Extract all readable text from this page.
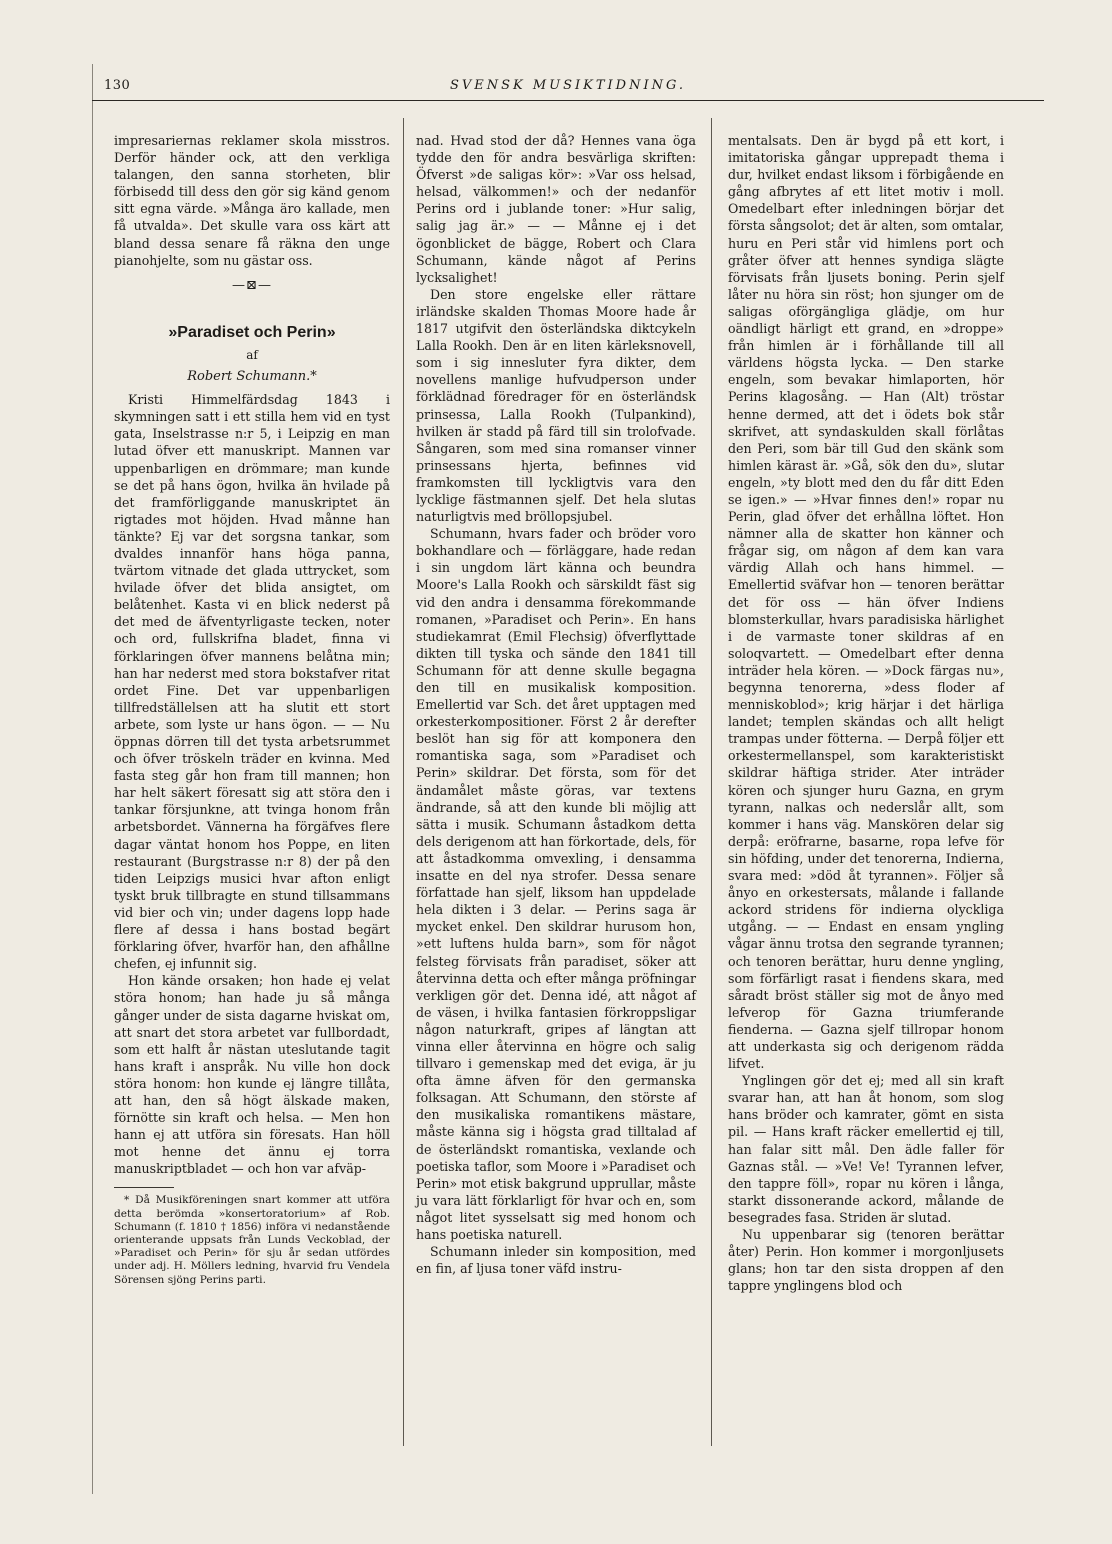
130	SVENSK MUSIKTIDNING.

impresariernas reklamer skola misstros. Derför händer ock, att den verkliga talangen, den sanna storheten, blir förbisedd till dess den gör sig känd genom sitt egna värde. »Många äro kallade, men få utvalda». Det skulle vara oss kärt att bland dessa senare få räkna den unge pianohjelte, som nu gästar oss.

—⊠—
»Paradiset och Perin»
af
Robert Schumann.*

Kristi Himmelfärdsdag 1843 i skymningen satt i ett stilla hem vid en tyst gata, Inselstrasse n:r 5, i Leipzig en man lutad öfver ett manuskript. Mannen var uppenbarligen en drömmare; man kunde se det på hans ögon, hvilka än hvilade på det framförliggande manuskriptet än rigtades mot höjden. Hvad månne han tänkte? Ej var det sorgsna tankar, som dvaldes innanför hans höga panna, tvärtom vitnade det glada uttrycket, som hvilade öfver det blida ansigtet, om belåtenhet. Kasta vi en blick nederst på det med de äfventyrligaste tecken, noter och ord, fullskrifna bladet, finna vi förklaringen öfver mannens belåtna min; han har nederst med stora bokstafver ritat ordet Fine. Det var uppenbarligen tillfredställelsen att ha slutit ett stort arbete, som lyste ur hans ögon. — — Nu öppnas dörren till det tysta arbetsrummet och öfver tröskeln träder en kvinna. Med fasta steg går hon fram till mannen; hon har helt säkert föresatt sig att störa den i tankar försjunkne, att tvinga honom från arbetsbordet. Vännerna ha förgäfves flere dagar väntat honom hos Poppe, en liten restaurant (Burgstrasse n:r 8) der på den tiden Leipzigs musici hvar afton enligt tyskt bruk tillbragte en stund tillsammans vid bier och vin; under dagens lopp hade flere af dessa i hans bostad begärt förklaring öfver, hvarför han, den afhållne chefen, ej infunnit sig.

Hon kände orsaken; hon hade ej velat störa honom; han hade ju så många gånger under de sista dagarne hviskat om, att snart det stora arbetet var fullbordadt, som ett halft år nästan uteslutande tagit hans kraft i anspråk. Nu ville hon dock störa honom: hon kunde ej längre tillåta, att han, den så högt älskade maken, förnötte sin kraft och helsa. — Men hon hann ej att utföra sin föresats. Han höll mot henne det ännu ej torra manuskriptbladet — och hon var afväp-

* Då Musikföreningen snart kommer att utföra detta berömda »konsertoratorium» af Rob. Schumann (f. 1810 † 1856) införa vi nedanstående orienterande uppsats från Lunds Veckoblad, der »Paradiset och Perin» för sju år sedan utfördes under adj. H. Möllers ledning, hvarvid fru Vendela Sörensen sjöng Perins parti.

nad. Hvad stod der då? Hennes vana öga tydde den för andra besvärliga skriften: Öfverst »de saligas kör»: »Var oss helsad, helsad, välkommen!» och der nedanför Perins ord i jublande toner: »Hur salig, salig jag är.» — — Månne ej i det ögonblicket de bägge, Robert och Clara Schumann, kände något af Perins lycksalighet!

Den store engelske eller rättare irländske skalden Thomas Moore hade år 1817 utgifvit den österländska diktcykeln Lalla Rookh. Den är en liten kärleksnovell, som i sig innesluter fyra dikter, dem novellens manlige hufvudperson under förklädnad föredrager för en österländsk prinsessa, Lalla Rookh (Tulpankind), hvilken är stadd på färd till sin trolofvade. Sångaren, som med sina romanser vinner prinsessans hjerta, befinnes vid framkomsten till lyckligtvis vara den lycklige fästmannen sjelf. Det hela slutas naturligtvis med bröllopsjubel.

Schumann, hvars fader och bröder voro bokhandlare och — förläggare, hade redan i sin ungdom lärt känna och beundra Moore's Lalla Rookh och särskildt fäst sig vid den andra i densamma förekommande romanen, »Paradiset och Perin». En hans studiekamrat (Emil Flechsig) öfverflyttade dikten till tyska och sände den 1841 till Schumann för att denne skulle begagna den till en musikalisk komposition. Emellertid var Sch. det året upptagen med orkesterkompositioner. Först 2 år derefter beslöt han sig för att komponera den romantiska saga, som »Paradiset och Perin» skildrar. Det första, som för det ändamålet måste göras, var textens ändrande, så att den kunde bli möjlig att sätta i musik. Schumann åstadkom detta dels derigenom att han förkortade, dels, för att åstadkomma omvexling, i densamma insatte en del nya strofer. Dessa senare författade han sjelf, liksom han uppdelade hela dikten i 3 delar. — Perins saga är mycket enkel. Den skildrar hurusom hon, »ett luftens hulda barn», som för något felsteg förvisats från paradiset, söker att återvinna detta och efter många pröfningar verkligen gör det. Denna idé, att något af de väsen, i hvilka fantasien förkroppsligar någon naturkraft, gripes af längtan att vinna eller återvinna en högre och salig tillvaro i gemenskap med det eviga, är ju ofta ämne äfven för den germanska folksagan. Att Schumann, den störste af den musikaliska romantikens mästare, måste känna sig i högsta grad tilltalad af de österländskt romantiska, vexlande och poetiska taflor, som Moore i »Paradiset och Perin» mot etisk bakgrund upprullar, måste ju vara lätt förklarligt för hvar och en, som något litet sysselsatt sig med honom och hans poetiska naturell.

Schumann inleder sin komposition, med en fin, af ljusa toner väfd instru-

mentalsats. Den är bygd på ett kort, i imitatoriska gångar upprepadt thema i dur, hvilket endast liksom i förbigående en gång afbrytes af ett litet motiv i moll. Omedelbart efter inledningen börjar det första sångsolot; det är alten, som omtalar, huru en Peri står vid himlens port och gråter öfver att hennes syndiga slägte förvisats från ljusets boning. Perin sjelf låter nu höra sin röst; hon sjunger om de saligas oförgängliga glädje, om hur oändligt härligt ett grand, en »droppe» från himlen är i förhållande till all världens högsta lycka. — Den starke engeln, som bevakar himlaporten, hör Perins klagosång. — Han (Alt) tröstar henne dermed, att det i ödets bok står skrifvet, att syndaskulden skall förlåtas den Peri, som bär till Gud den skänk som himlen kärast är. »Gå, sök den du», slutar engeln, »ty blott med den du får ditt Eden se igen.» — »Hvar finnes den!» ropar nu Perin, glad öfver det erhållna löftet. Hon nämner alla de skatter hon känner och frågar sig, om någon af dem kan vara värdig Allah och hans himmel. — Emellertid sväfvar hon — tenoren berättar det för oss — hän öfver Indiens blomsterkullar, hvars paradisiska härlighet i de varmaste toner skildras af en soloqvartett. — Omedelbart efter denna inträder hela kören. — »Dock färgas nu», begynna tenorerna, »dess floder af menniskoblod»; krig härjar i det härliga landet; templen skändas och allt heligt trampas under fötterna. — Derpå följer ett orkestermellanspel, som karakteristiskt skildrar häftiga strider. Ater inträder kören och sjunger huru Gazna, en grym tyrann, nalkas och nederslår allt, som kommer i hans väg. Manskören delar sig derpå: eröfrarne, basarne, ropa lefve för sin höfding, under det tenorerna, Indierna, svara med: »död åt tyrannen». Följer så ånyo en orkestersats, målande i fallande ackord stridens för indierna olyckliga utgång. — — Endast en ensam yngling vågar ännu trotsa den segrande tyrannen; och tenoren berättar, huru denne yngling, som förfärligt rasat i fiendens skara, med såradt bröst ställer sig mot de ånyo med lefverop för Gazna triumferande fienderna. — Gazna sjelf tillropar honom att underkasta sig och derigenom rädda lifvet.

Ynglingen gör det ej; med all sin kraft svarar han, att han åt honom, som slog hans bröder och kamrater, gömt en sista pil. — Hans kraft räcker emellertid ej till, han falar sitt mål. Den ädle faller för Gaznas stål. — »Ve! Ve! Tyrannen lefver, den tappre föll», ropar nu kören i långa, starkt dissonerande ackord, målande de besegrades fasa. Striden är slutad.

Nu uppenbarar sig (tenoren berättar åter) Perin. Hon kommer i morgonljusets glans; hon tar den sista droppen af den tappre ynglingens blod och
